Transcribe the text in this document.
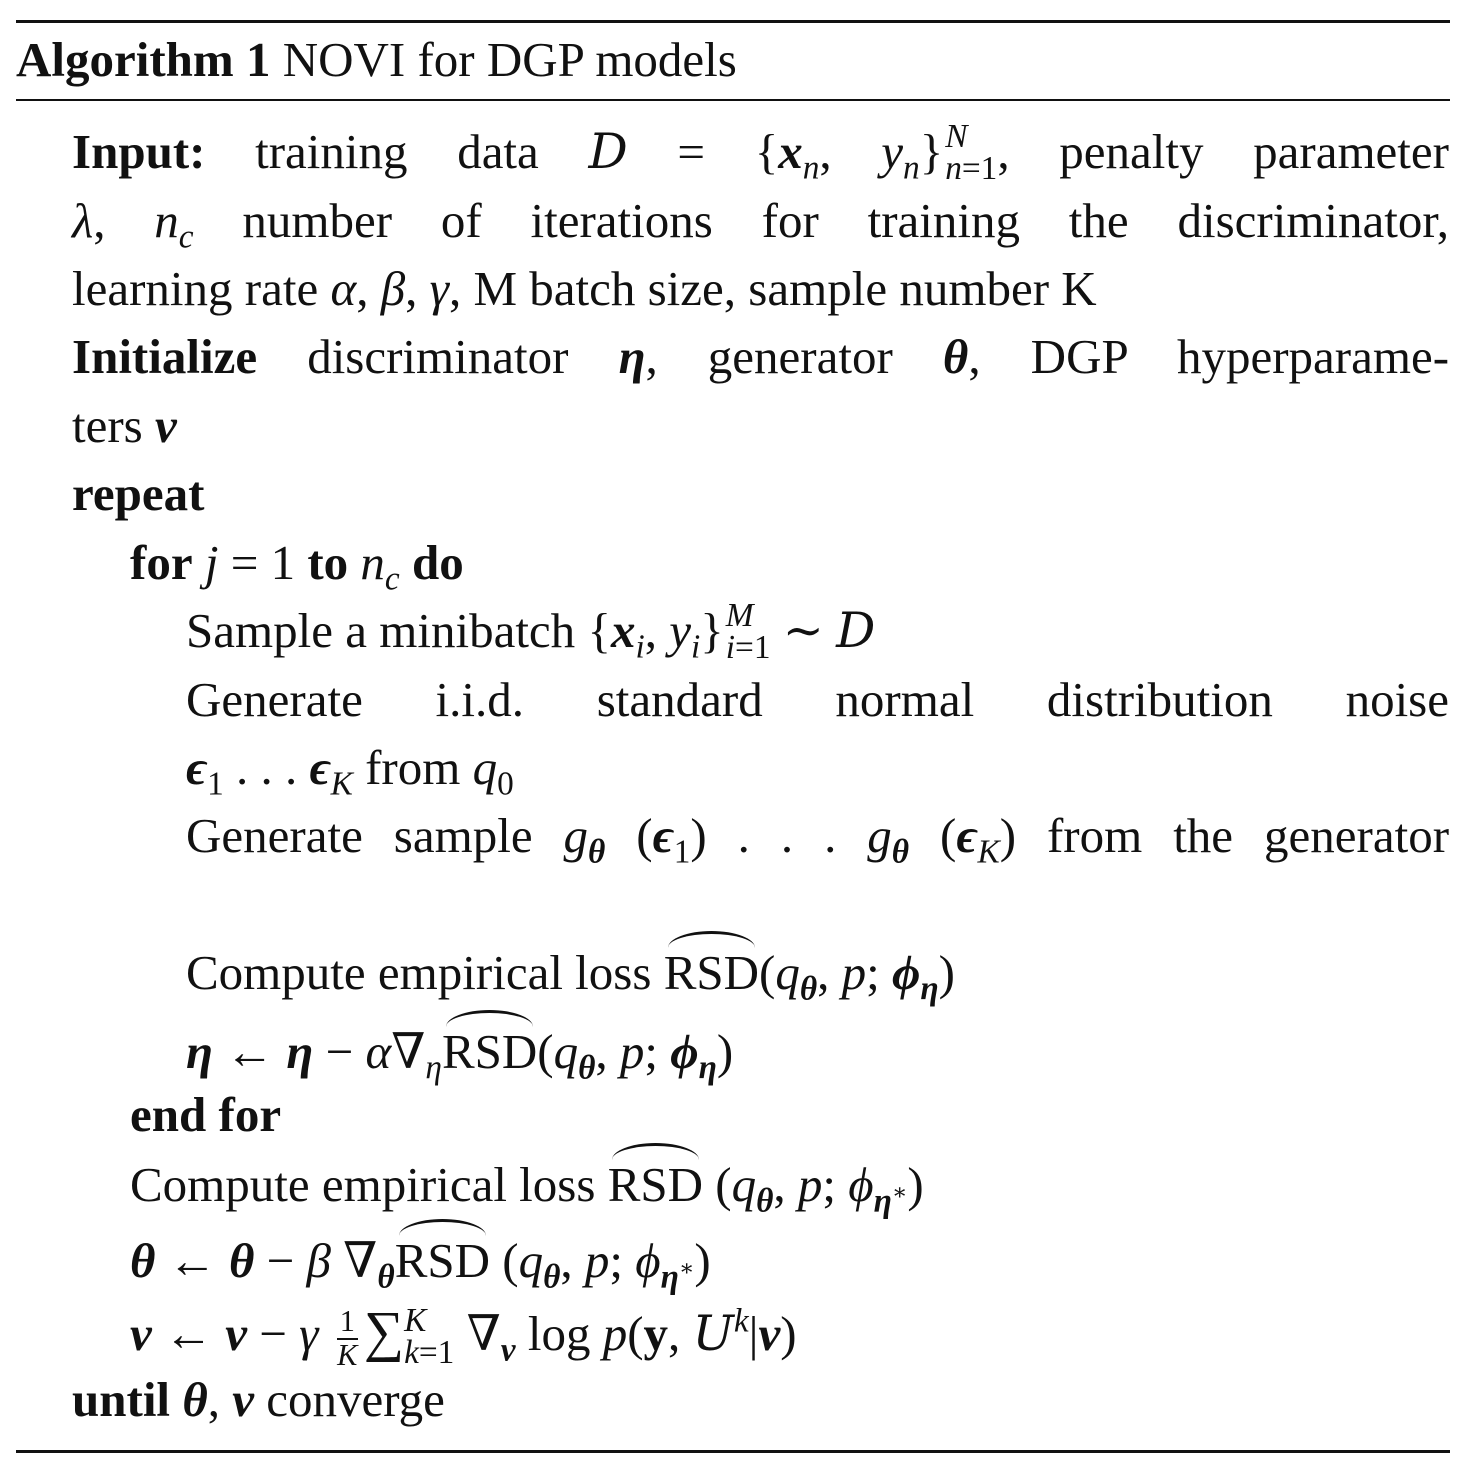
Algorithm 1 NOVI for DGP models
Input: training data $D = \{x_n$, $y_n$} N
n=1 , penalty parameter
λ, $n_c$ number of iterations for training the discriminator,
learning rate α, β, γ, M batch size, sample number K
Initialize discriminator η, generator θ, DGP hyperparame-
ters ν
repeat
for j = 1 to $n_c$ do
Sample a minibatch {$x_i$, $y_i$} M
i=1 ∼ D
Generate i.i.d. standard normal distribution noise
$\epsilon_1$ . . . $\epsilon_K$ from $q_0$
Generate sample $g_\theta$ $(\epsilon_1)$ . . . $g_\theta$ $(\epsilon_K)$ from the generator
Compute empirical loss $RSD(q_\theta$, p; $\phi_\eta$)
η ← $\eta - \alpha\nabla_\eta RSD(q_\theta$, p; $\phi_\eta$)
end for
Compute empirical loss RSD ($q_\theta$, p; $\phi_{\eta^∗}$)
θ ← θ − β $\nabla_\theta RSD$ ($q_\theta$, p; $\phi_{\eta^∗}$)
ν ← ν − γ $\frac{1}{K}$ ∑ K
k=1 $\nabla_\nu$ log p(y, $U^k|\nu$)
until θ, ν converge
